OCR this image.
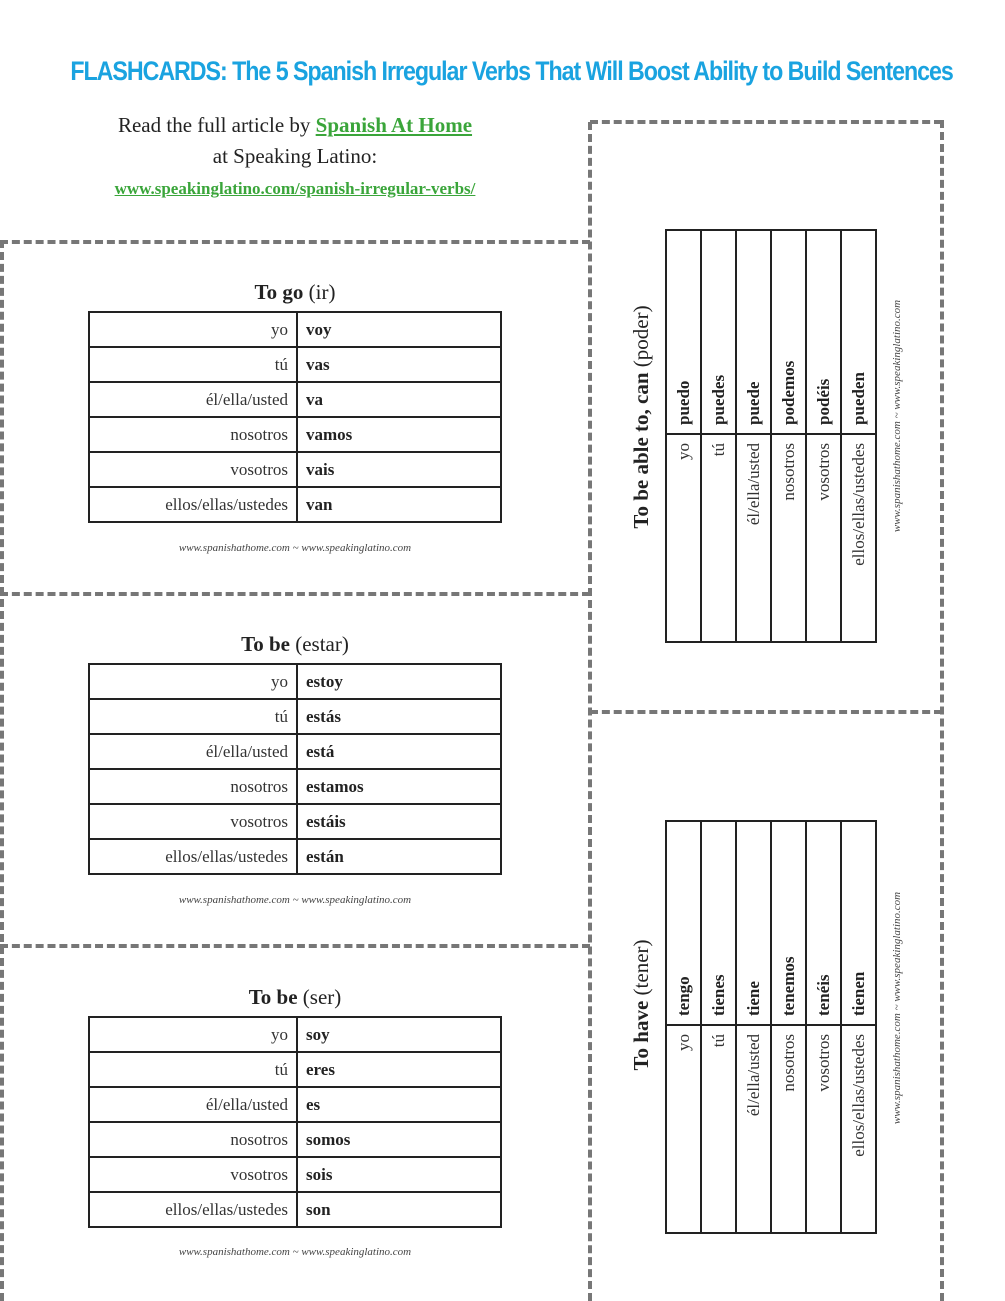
FLASHCARDS: The 5 Spanish Irregular Verbs That Will Boost Ability to Build Sentences
Read the full article by Spanish At Home
at Speaking Latino:
www.speakinglatino.com/spanish-irregular-verbs/
To go (ir)
yo	voy
tú	vas
él/ella/usted	va
nosotros	vamos
vosotros	vais
ellos/ellas/ustedes	van
www.spanishathome.com ~ www.speakinglatino.com
To be (estar)
yo	estoy
tú	estás
él/ella/usted	está
nosotros	estamos
vosotros	estáis
ellos/ellas/ustedes	están
www.spanishathome.com ~ www.speakinglatino.com
To be (ser)
yo	soy
tú	eres
él/ella/usted	es
nosotros	somos
vosotros	sois
ellos/ellas/ustedes	son
www.spanishathome.com ~ www.speakinglatino.com
To be able to, can (poder)
yo	puedo
tú	puedes
él/ella/usted	puede
nosotros	podemos
vosotros	podéis
ellos/ellas/ustedes	pueden www.spanishathome.com ~ www.speakinglatino.com
To have (tener)
yo	tengo
tú	tienes
él/ella/usted	tiene
nosotros	tenemos
vosotros	tenéis
ellos/ellas/ustedes	tienen www.spanishathome.com ~ www.speakinglatino.com
